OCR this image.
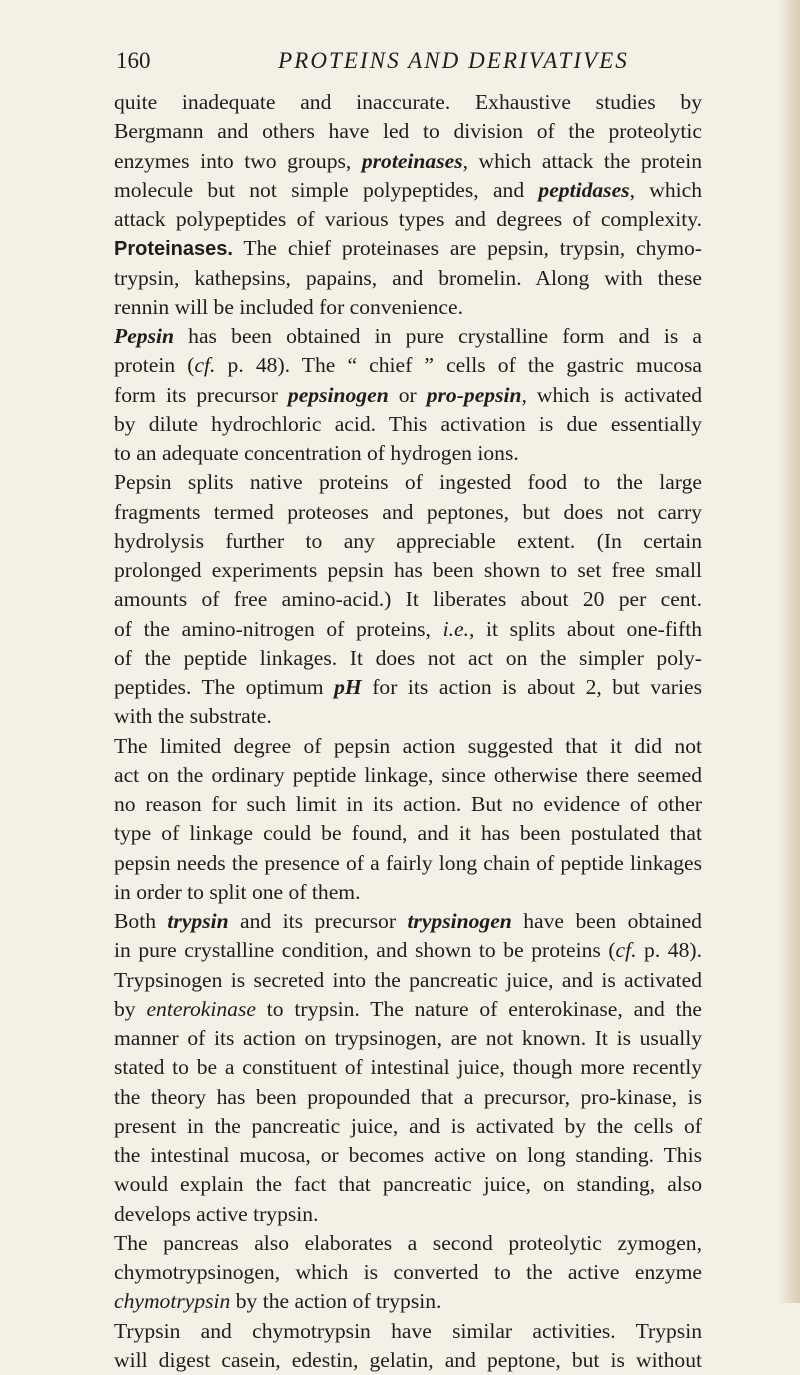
160	PROTEINS AND DERIVATIVES
quite inadequate and inaccurate. Exhaustive studies by
Bergmann and others have led to division of the proteolytic
enzymes into two groups, proteinases, which attack the protein
molecule but not simple polypeptides, and peptidases, which
attack polypeptides of various types and degrees of complexity.
Proteinases. The chief proteinases are pepsin, trypsin, chymo-
trypsin, kathepsins, papains, and bromelin. Along with these
rennin will be included for convenience.
Pepsin has been obtained in pure crystalline form and is a
protein (cf. p. 48). The “ chief ” cells of the gastric mucosa
form its precursor pepsinogen or pro-pepsin, which is activated
by dilute hydrochloric acid. This activation is due essentially
to an adequate concentration of hydrogen ions.
Pepsin splits native proteins of ingested food to the large
fragments termed proteoses and peptones, but does not carry
hydrolysis further to any appreciable extent. (In certain
prolonged experiments pepsin has been shown to set free small
amounts of free amino-acid.) It liberates about 20 per cent.
of the amino-nitrogen of proteins, i.e., it splits about one-fifth
of the peptide linkages. It does not act on the simpler poly-
peptides. The optimum pH for its action is about 2, but varies
with the substrate.
The limited degree of pepsin action suggested that it did not
act on the ordinary peptide linkage, since otherwise there seemed
no reason for such limit in its action. But no evidence of other
type of linkage could be found, and it has been postulated that
pepsin needs the presence of a fairly long chain of peptide linkages
in order to split one of them.
Both trypsin and its precursor trypsinogen have been obtained
in pure crystalline condition, and shown to be proteins (cf. p. 48).
Trypsinogen is secreted into the pancreatic juice, and is activated
by enterokinase to trypsin. The nature of enterokinase, and the
manner of its action on trypsinogen, are not known. It is usually
stated to be a constituent of intestinal juice, though more recently
the theory has been propounded that a precursor, pro-kinase, is
present in the pancreatic juice, and is activated by the cells of
the intestinal mucosa, or becomes active on long standing. This
would explain the fact that pancreatic juice, on standing, also
develops active trypsin.
The pancreas also elaborates a second proteolytic zymogen,
chymotrypsinogen, which is converted to the active enzyme
chymotrypsin by the action of trypsin.
Trypsin and chymotrypsin have similar activities. Trypsin
will digest casein, edestin, gelatin, and peptone, but is without
